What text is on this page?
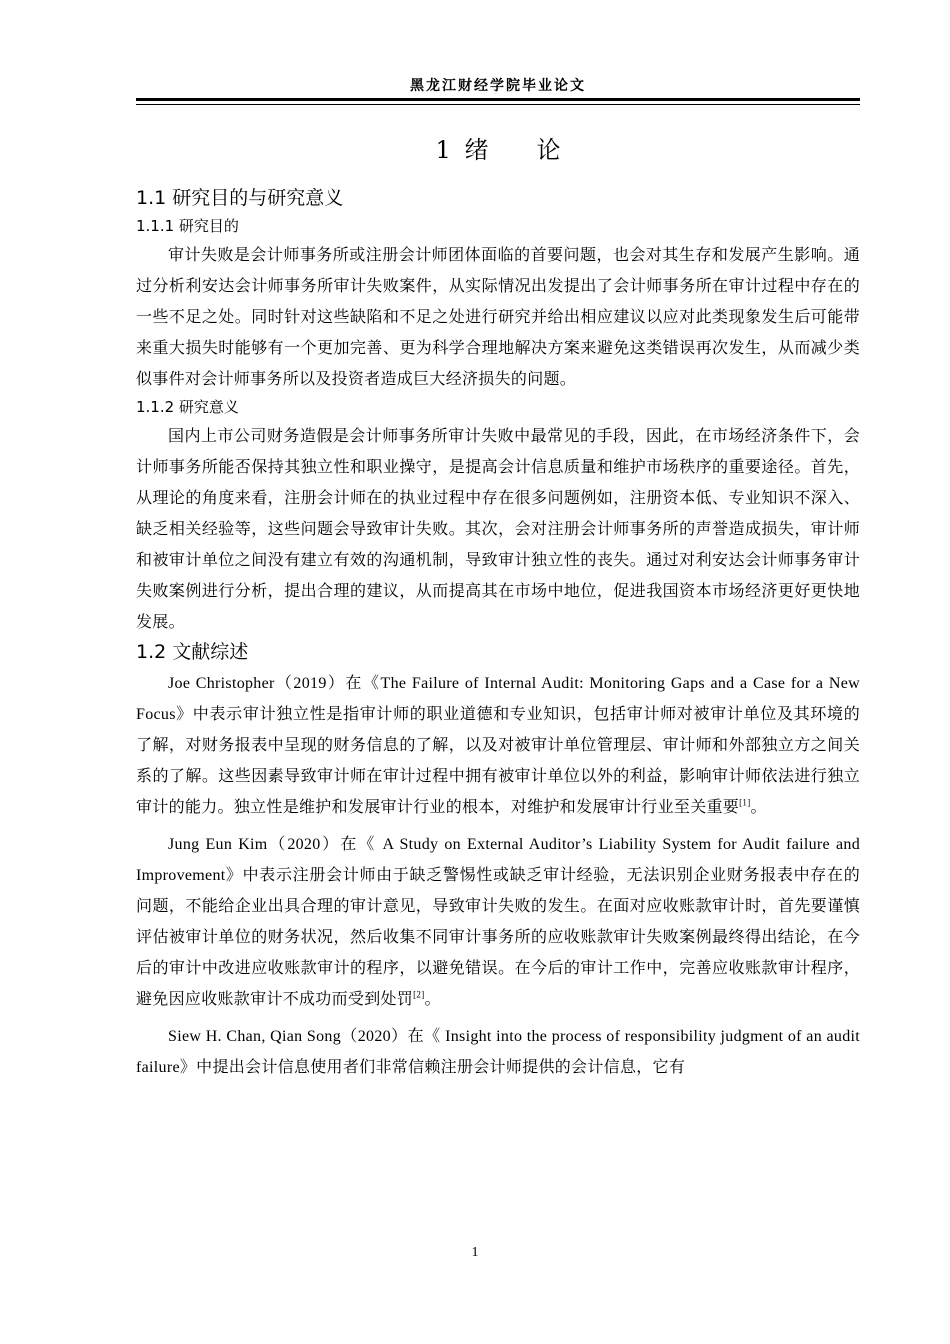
黑龙江财经学院毕业论文
1 绪 论
1.1 研究目的与研究意义
1.1.1 研究目的

审计失败是会计师事务所或注册会计师团体面临的首要问题，也会对其生存和发展产生影响。通过分析利安达会计师事务所审计失败案件，从实际情况出发提出了会计师事务所在审计过程中存在的一些不足之处。同时针对这些缺陷和不足之处进行研究并给出相应建议以应对此类现象发生后可能带来重大损失时能够有一个更加完善、更为科学合理地解决方案来避免这类错误再次发生，从而减少类似事件对会计师事务所以及投资者造成巨大经济损失的问题。

1.1.2 研究意义

国内上市公司财务造假是会计师事务所审计失败中最常见的手段，因此，在市场经济条件下，会计师事务所能否保持其独立性和职业操守，是提高会计信息质量和维护市场秩序的重要途径。首先，从理论的角度来看，注册会计师在的执业过程中存在很多问题例如，注册资本低、专业知识不深入、缺乏相关经验等，这些问题会导致审计失败。其次，会对注册会计师事务所的声誉造成损失，审计师和被审计单位之间没有建立有效的沟通机制，导致审计独立性的丧失。通过对利安达会计师事务审计失败案例进行分析，提出合理的建议，从而提高其在市场中地位，促进我国资本市场经济更好更快地发展。

1.2 文献综述

Joe Christopher（2019）在《The Failure of Internal Audit: Monitoring Gaps and a Case for a New Focus》中表示审计独立性是指审计师的职业道德和专业知识，包括审计师对被审计单位及其环境的了解，对财务报表中呈现的财务信息的了解，以及对被审计单位管理层、审计师和外部独立方之间关系的了解。这些因素导致审计师在审计过程中拥有被审计单位以外的利益，影响审计师依法进行独立审计的能力。独立性是维护和发展审计行业的根本，对维护和发展审计行业至关重要[1]。

Jung Eun Kim（2020）在《 A Study on External Auditor’s Liability System for Audit failure and Improvement》中表示注册会计师由于缺乏警惕性或缺乏审计经验，无法识别企业财务报表中存在的问题，不能给企业出具合理的审计意见，导致审计失败的发生。在面对应收账款审计时，首先要谨慎评估被审计单位的财务状况，然后收集不同审计事务所的应收账款审计失败案例最终得出结论，在今后的审计中改进应收账款审计的程序，以避免错误。在今后的审计工作中，完善应收账款审计程序，避免因应收账款审计不成功而受到处罚[2]。

Siew H. Chan, Qian Song（2020）在《 Insight into the process of responsibility judgment of an audit failure》中提出会计信息使用者们非常信赖注册会计师提供的会计信息，它有

1
